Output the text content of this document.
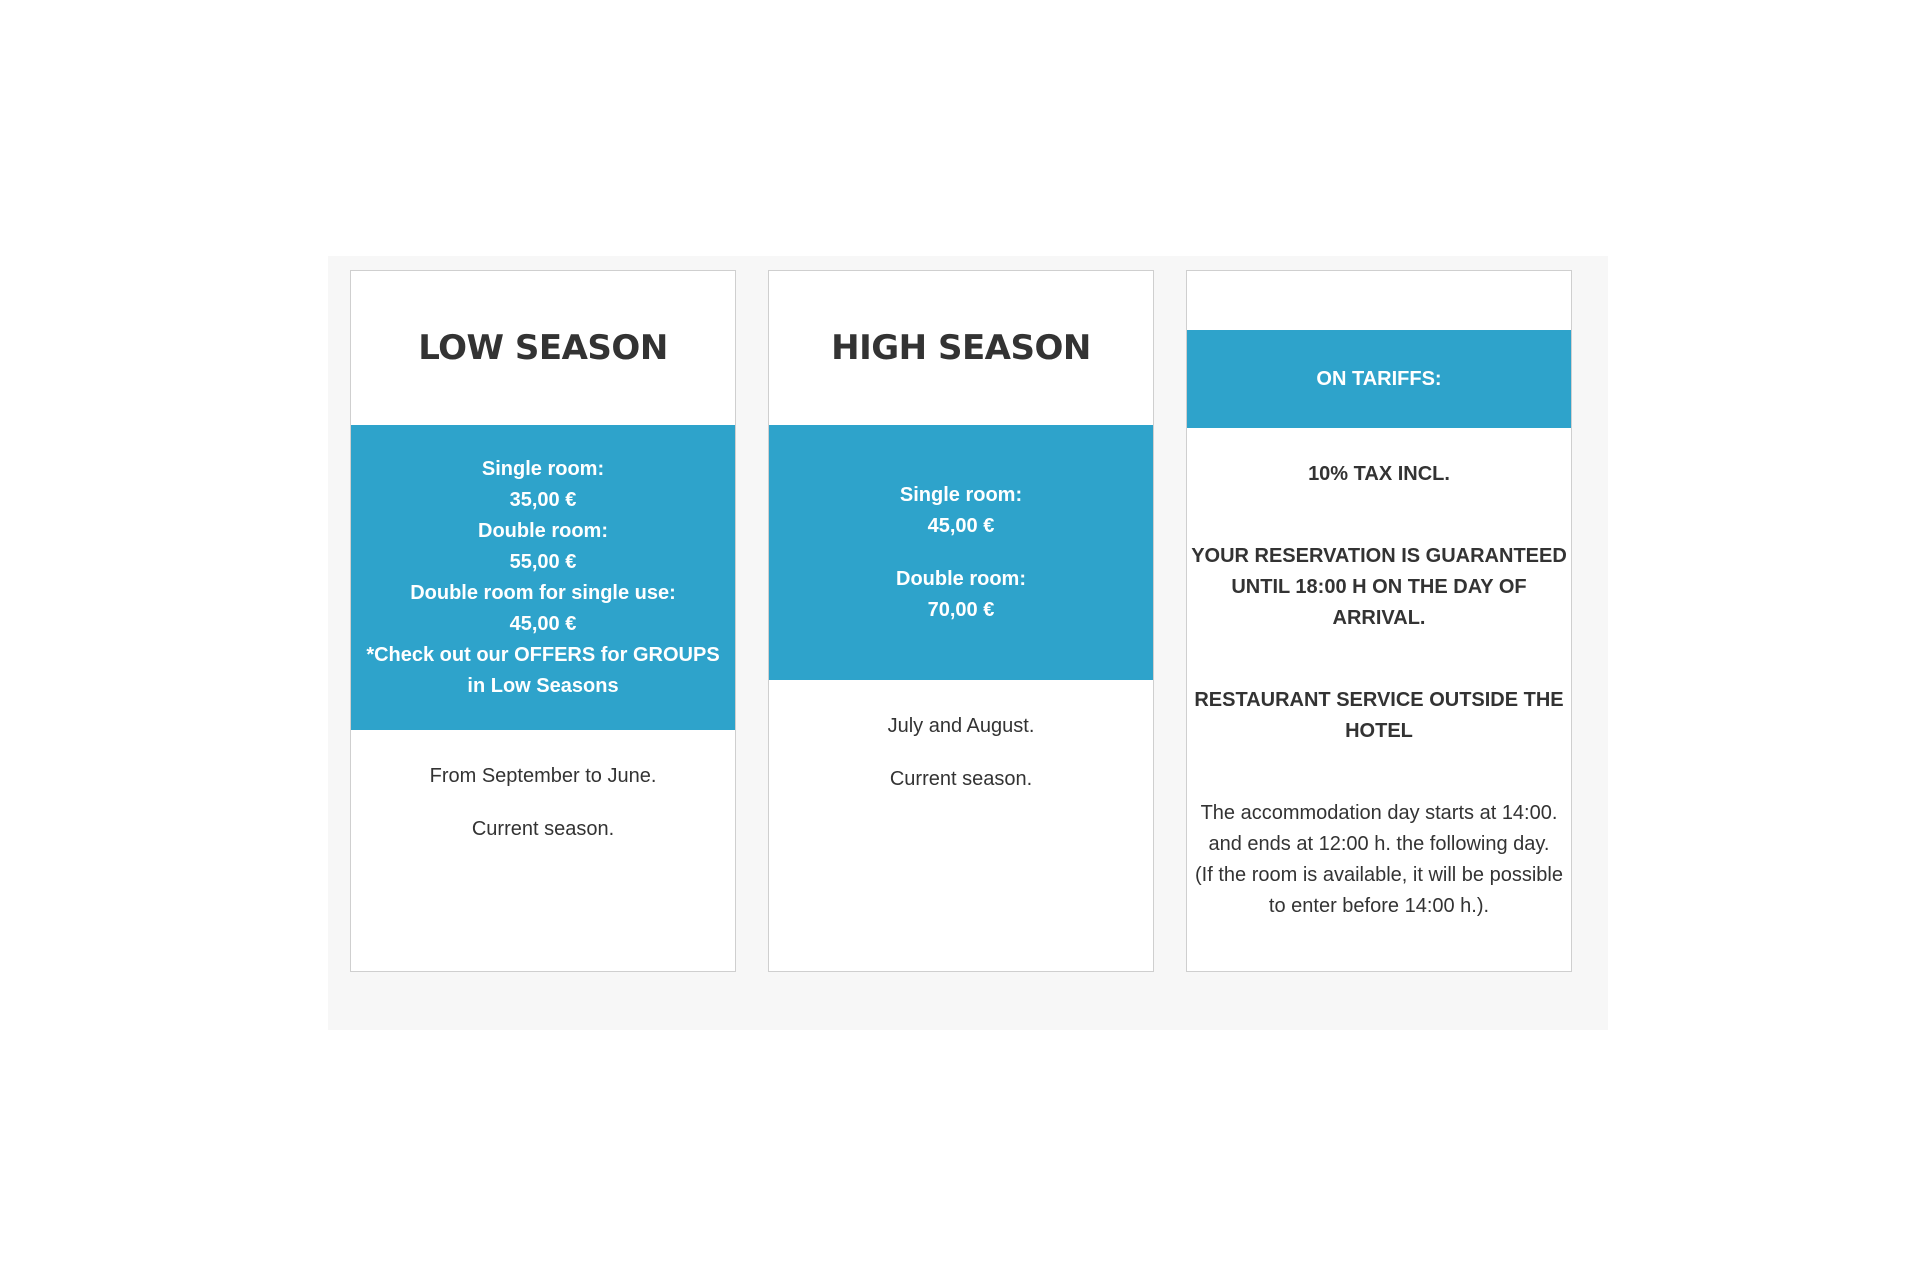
LOW SEASON
Single room:
35,00 €
Double room:
55,00 €
Double room for single use:
45,00 €
*Check out our OFFERS for GROUPS in Low Seasons

From September to June.

Current season.

HIGH SEASON
Single room:
45,00 €
Double room:
70,00 €

July and August.

Current season.

ON TARIFFS:

10% TAX INCL.

YOUR RESERVATION IS GUARANTEED UNTIL 18:00 H ON THE DAY OF ARRIVAL.

RESTAURANT SERVICE OUTSIDE THE HOTEL

The accommodation day starts at 14:00. and ends at 12:00 h. the following day.

(If the room is available, it will be possible to enter before 14:00 h.).
